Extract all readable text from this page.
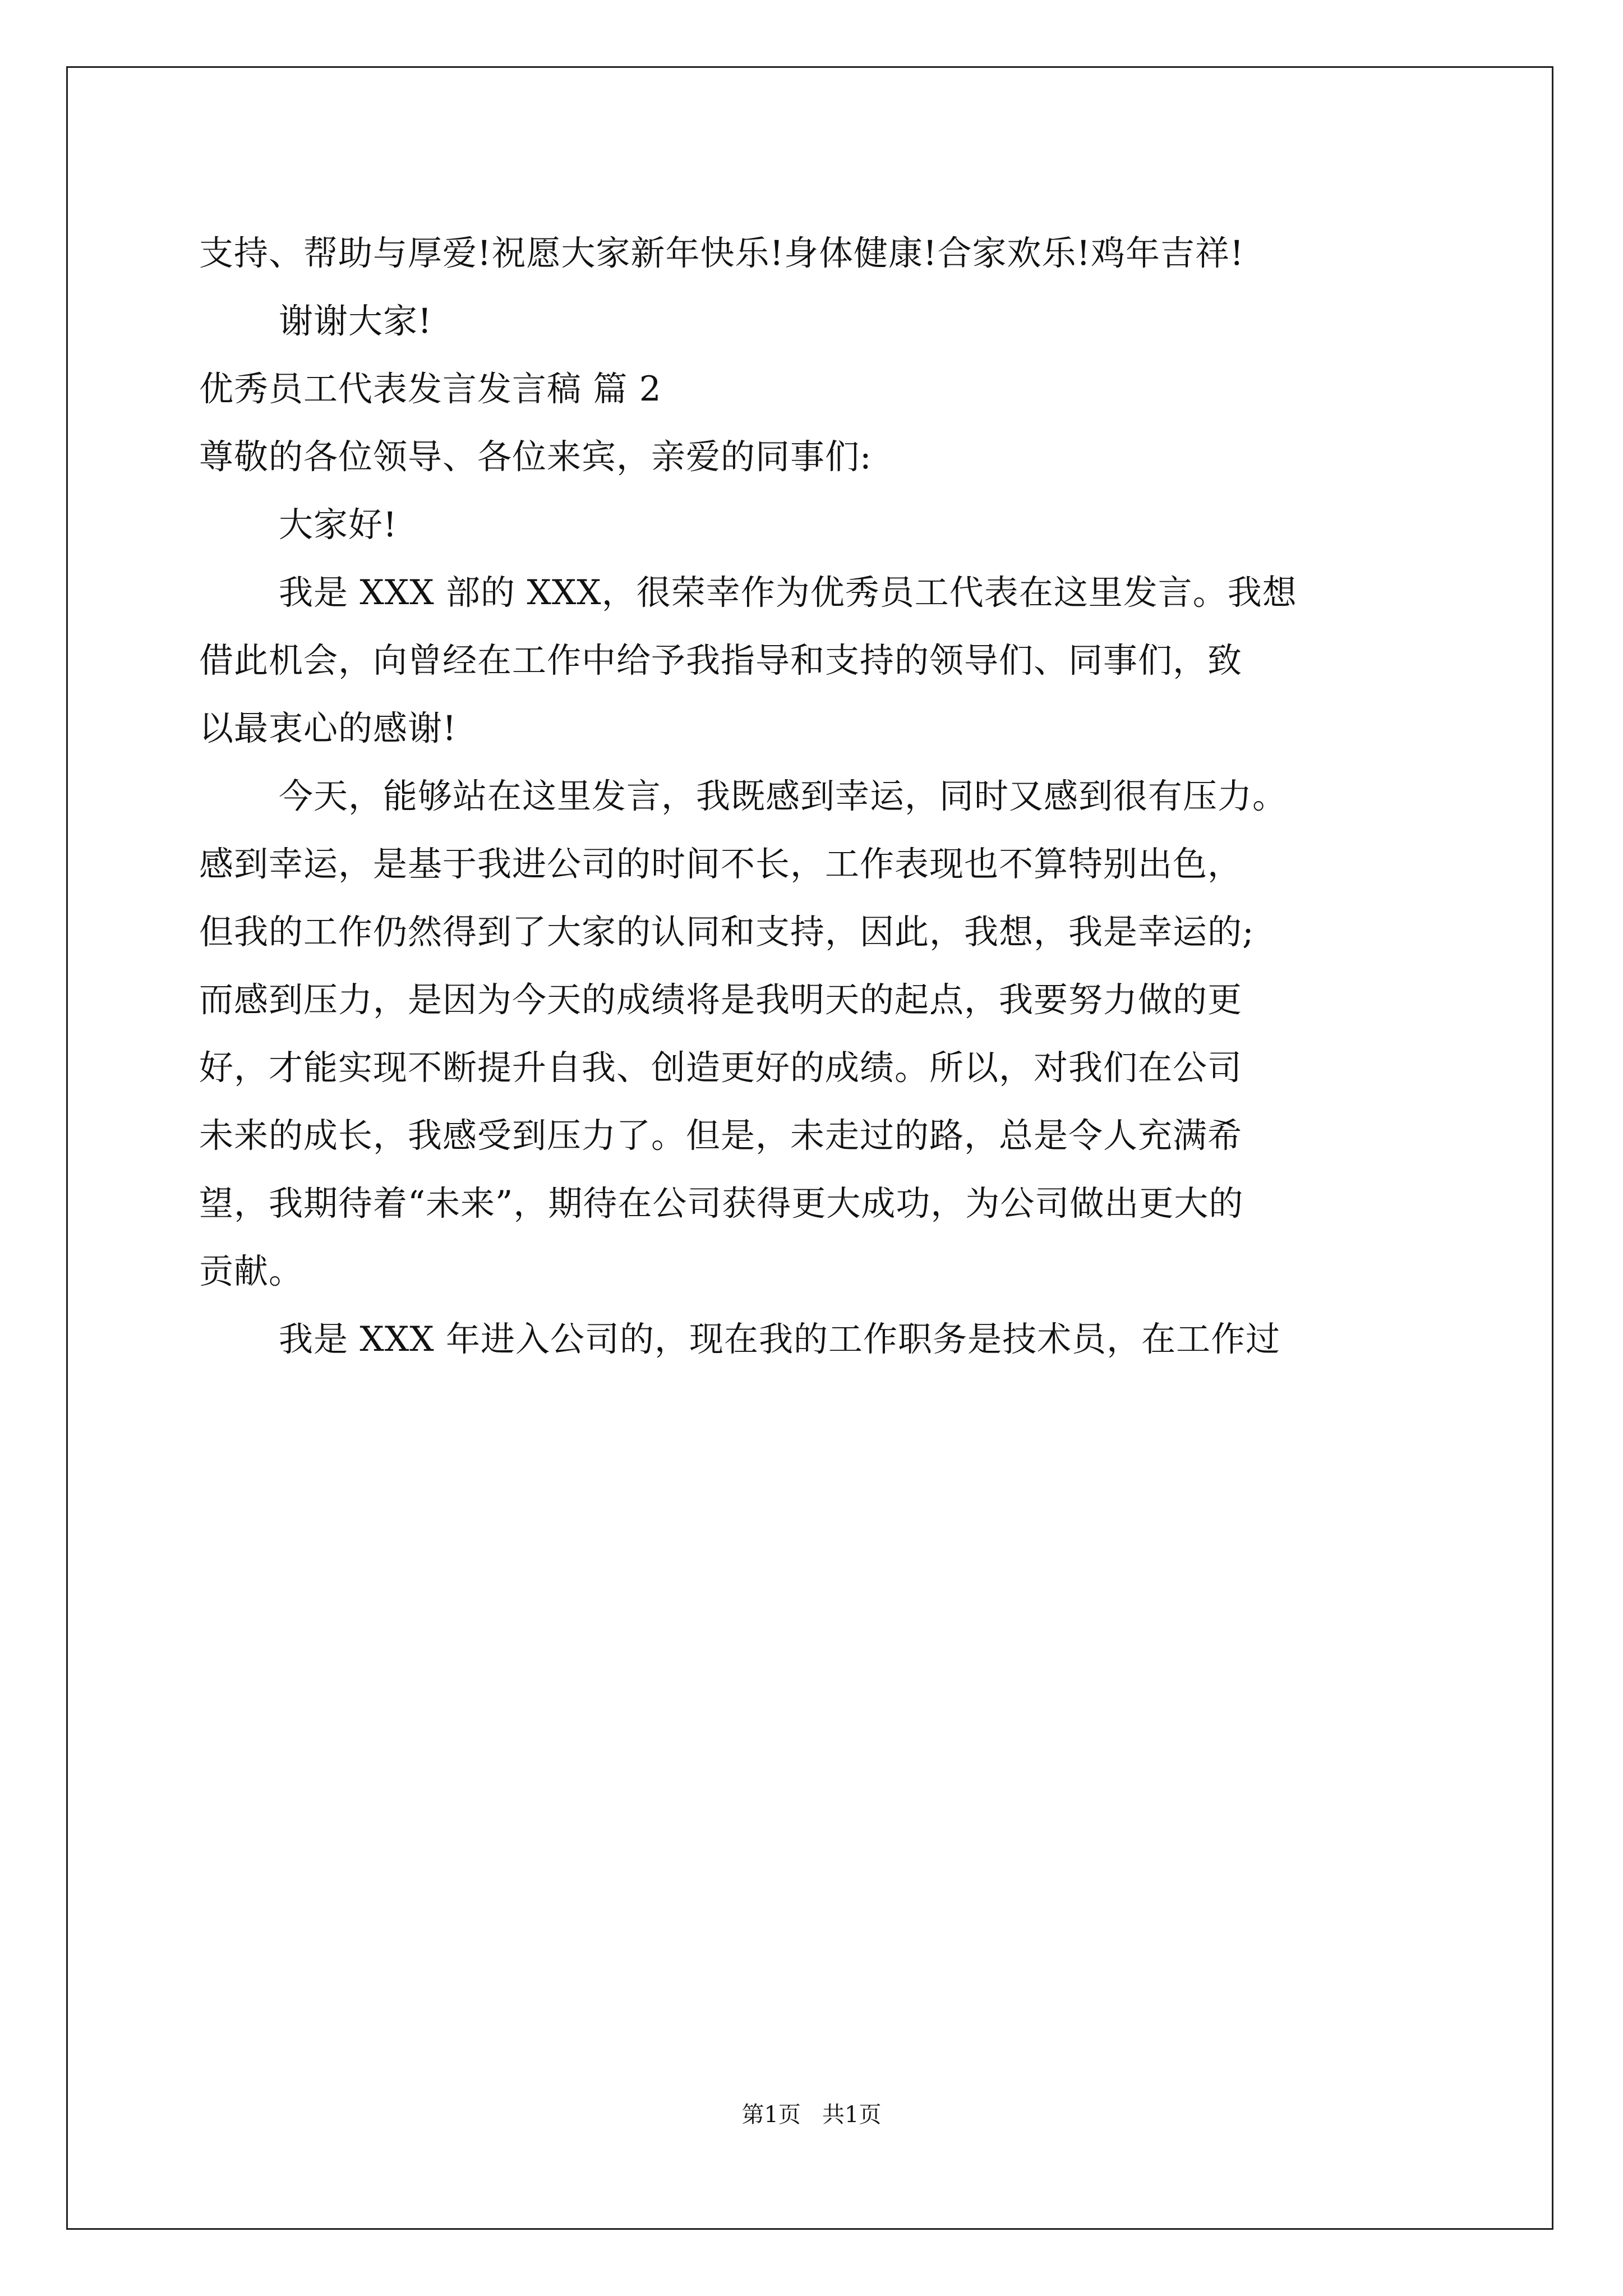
支持、帮助与厚爱!祝愿大家新年快乐!身体健康!合家欢乐!鸡年吉祥!
谢谢大家!
优秀员工代表发言发言稿 篇 2
尊敬的各位领导、各位来宾，亲爱的同事们:
大家好!
我是 XXX 部的 XXX，很荣幸作为优秀员工代表在这里发言。我想
借此机会，向曾经在工作中给予我指导和支持的领导们、同事们，致
以最衷心的感谢!
今天，能够站在这里发言，我既感到幸运，同时又感到很有压力。
感到幸运，是基于我进公司的时间不长，工作表现也不算特别出色，
但我的工作仍然得到了大家的认同和支持，因此，我想，我是幸运的;
而感到压力，是因为今天的成绩将是我明天的起点，我要努力做的更
好，才能实现不断提升自我、创造更好的成绩。所以，对我们在公司
未来的成长，我感受到压力了。但是，未走过的路，总是令人充满希
望，我期待着“未来”，期待在公司获得更大成功，为公司做出更大的
贡献。
我是 XXX 年进入公司的，现在我的工作职务是技术员，在工作过
第1页   共1页
